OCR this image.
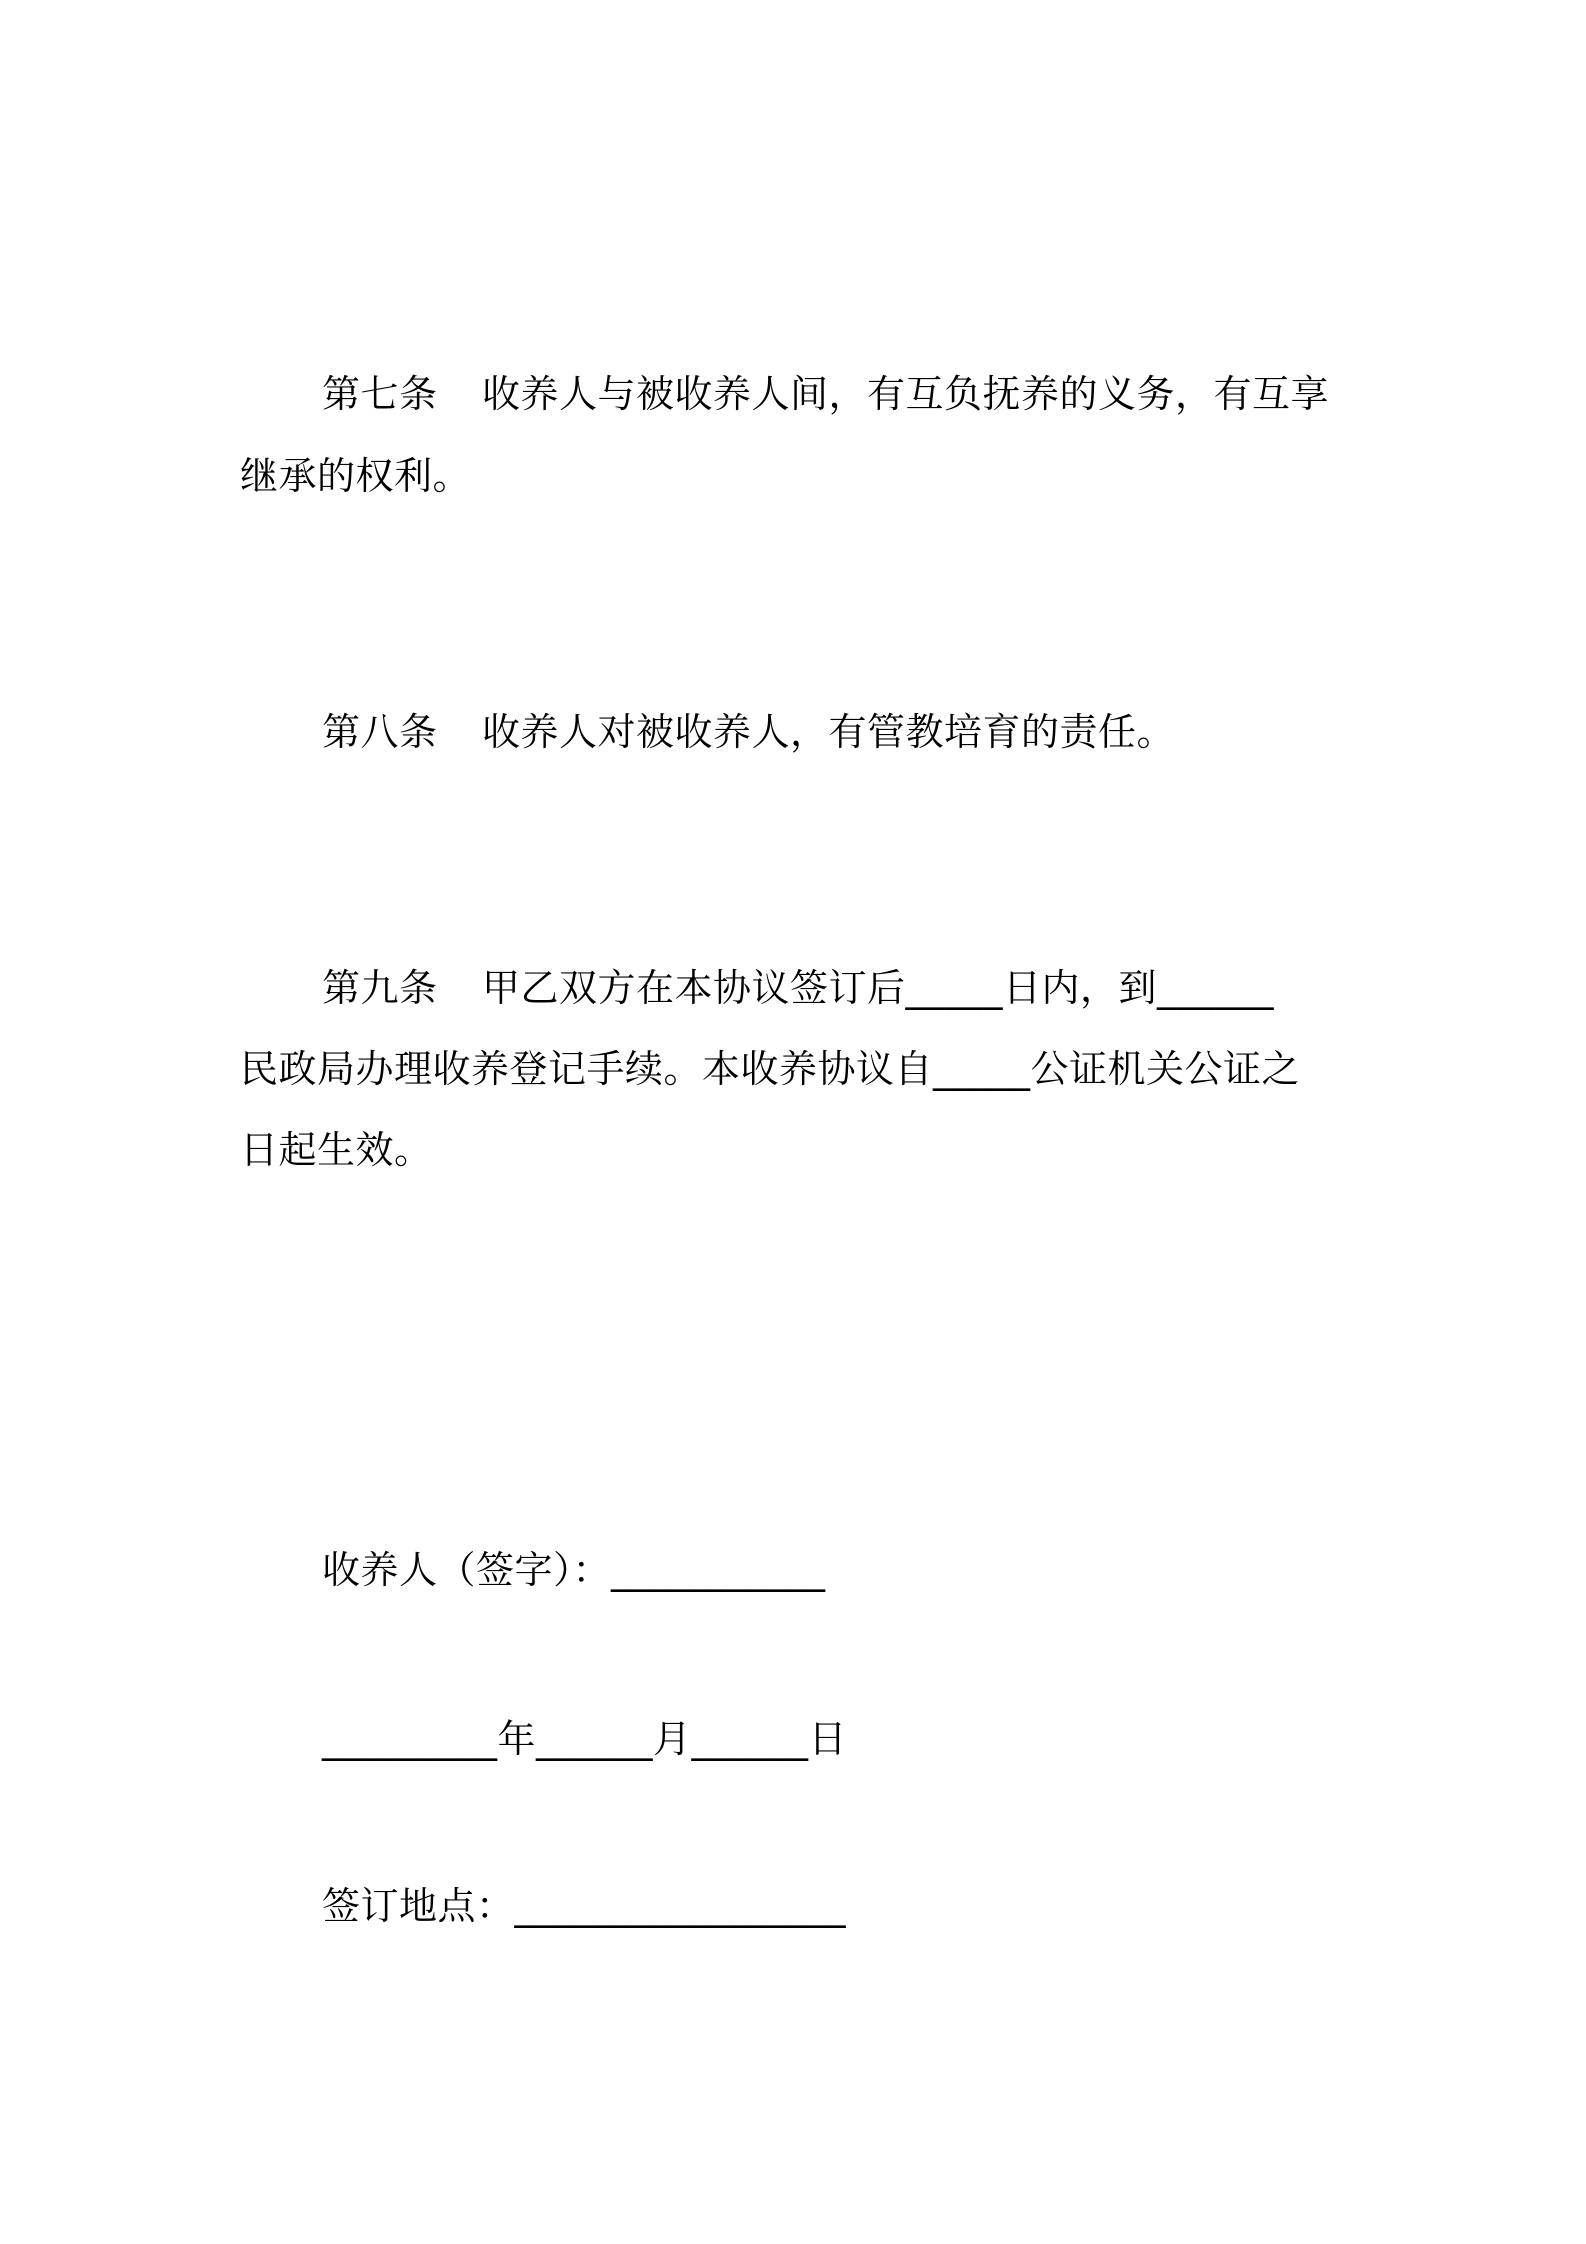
第七条 收养人与被收养人间，有互负抚养的义务，有互享
继承的权利。
第八条 收养人对被收养人，有管教培育的责任。
第九条 甲乙双方在本协议签订后_____日内，到______
民政局办理收养登记手续。本收养协议自_____公证机关公证之
日起生效。
收养人（签字）：___________
_________年______月______日
签订地点：_________________
